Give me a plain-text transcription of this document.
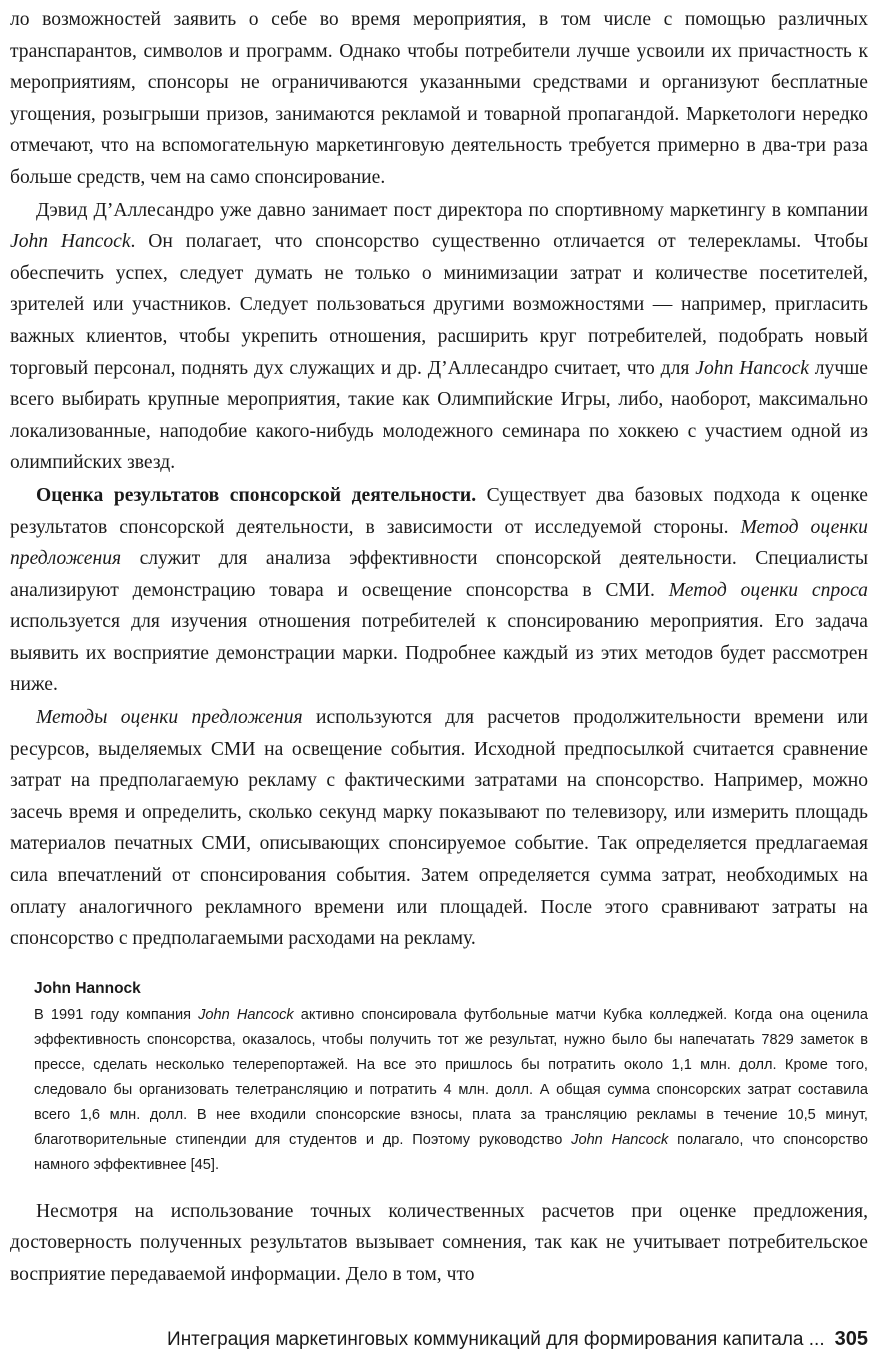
ло возможностей заявить о себе во время мероприятия, в том числе с помощью различных транспарантов, символов и программ. Однако чтобы потребители лучше усвоили их причастность к мероприятиям, спонсоры не ограничиваются указанными средствами и организуют бесплатные угощения, розыгрыши призов, занимаются рекламой и товарной пропагандой. Маркетологи нередко отмечают, что на вспомогательную маркетинговую деятельность требуется примерно в два-три раза больше средств, чем на само спонсирование.

Дэвид Д’Аллесандро уже давно занимает пост директора по спортивному маркетингу в компании John Hancock. Он полагает, что спонсорство существенно отличается от телерекламы. Чтобы обеспечить успех, следует думать не только о минимизации затрат и количестве посетителей, зрителей или участников. Следует пользоваться другими возможностями — например, пригласить важных клиентов, чтобы укрепить отношения, расширить круг потребителей, подобрать новый торговый персонал, поднять дух служащих и др. Д’Аллесандро считает, что для John Hancock лучше всего выбирать крупные мероприятия, такие как Олимпийские Игры, либо, наоборот, максимально локализованные, наподобие какого-нибудь молодежного семинара по хоккею с участием одной из олимпийских звезд.

Оценка результатов спонсорской деятельности. Существует два базовых подхода к оценке результатов спонсорской деятельности, в зависимости от исследуемой стороны. Метод оценки предложения служит для анализа эффективности спонсорской деятельности. Специалисты анализируют демонстрацию товара и освещение спонсорства в СМИ. Метод оценки спроса используется для изучения отношения потребителей к спонсированию мероприятия. Его задача выявить их восприятие демонстрации марки. Подробнее каждый из этих методов будет рассмотрен ниже.

Методы оценки предложения используются для расчетов продолжительности времени или ресурсов, выделяемых СМИ на освещение события. Исходной предпосылкой считается сравнение затрат на предполагаемую рекламу с фактическими затратами на спонсорство. Например, можно засечь время и определить, сколько секунд марку показывают по телевизору, или измерить площадь материалов печатных СМИ, описывающих спонсируемое событие. Так определяется предлагаемая сила впечатлений от спонсирования события. Затем определяется сумма затрат, необходимых на оплату аналогичного рекламного времени или площадей. После этого сравнивают затраты на спонсорство с предполагаемыми расходами на рекламу.

John Hannock

В 1991 году компания John Hancock активно спонсировала футбольные матчи Кубка колледжей. Когда она оценила эффективность спонсорства, оказалось, чтобы получить тот же результат, нужно было бы напечатать 7829 заметок в прессе, сделать несколько телерепортажей. На все это пришлось бы потратить около 1,1 млн. долл. Кроме того, следовало бы организовать телетрансляцию и потратить 4 млн. долл. А общая сумма спонсорских затрат составила всего 1,6 млн. долл. В нее входили спонсорские взносы, плата за трансляцию рекламы в течение 10,5 минут, благотворительные стипендии для студентов и др. Поэтому руководство John Hancock полагало, что спонсорство намного эффективнее [45].

Несмотря на использование точных количественных расчетов при оценке предложения, достоверность полученных результатов вызывает сомнения, так как не учитывает потребительское восприятие передаваемой информации. Дело в том, что

Интеграция маркетинговых коммуникаций для формирования капитала ... 305
